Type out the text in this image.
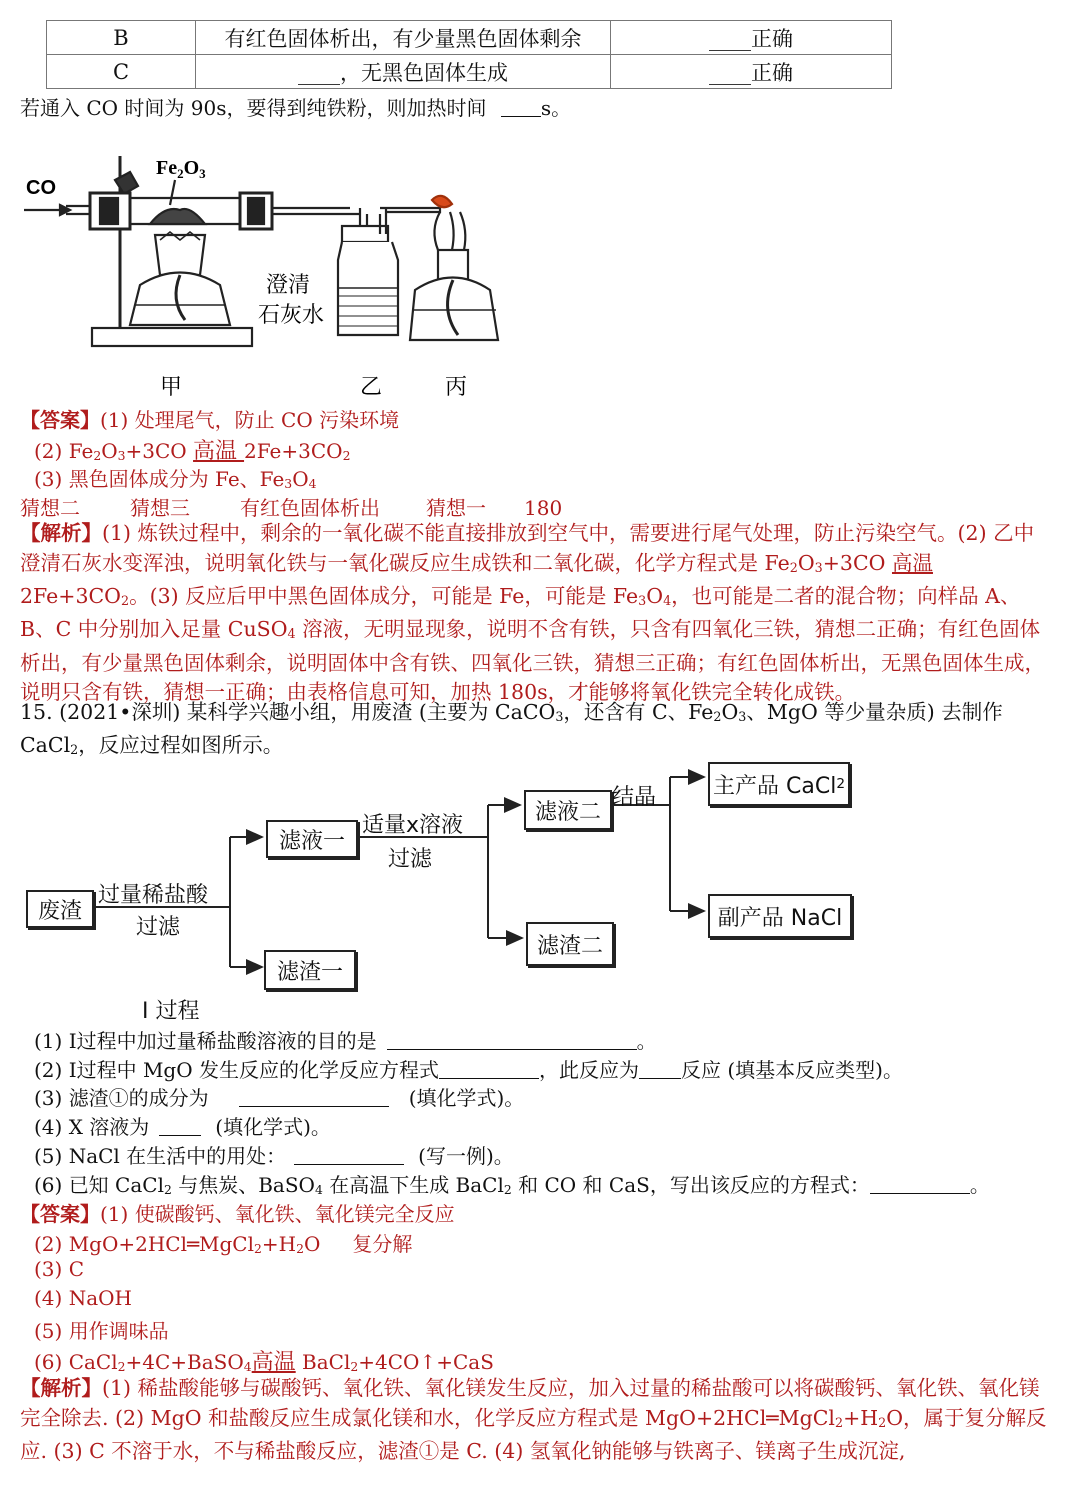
B	有红色固体析出，有少量黑色固体剩余	____正确
C	____，无黑色固体生成	____正确
若通入 CO 时间为 90s，要得到纯铁粉，则加热时间	s。
CO
$Fe_2O_3$
澄清
石灰水
甲	乙	丙
【答案】(1) 处理尾气，防止 CO 污染环境
(2) $Fe_2O_3+3CO$ 高温 $2Fe+3CO_2$
(3) 黑色固体成分为 Fe、$Fe_3O_4$
猜想二	猜想三	有红色固体析出 猜想一 180
【解析】(1) 炼铁过程中，剩余的一氧化碳不能直接排放到空气中，需要进行尾气处理，防止污染空气。(2) 乙中澄清石灰水变浑浊，说明氧化铁与一氧化碳反应生成铁和二氧化碳，化学方程式是 $Fe_2O_3+3CO$ 高温$2Fe+3CO_2$。(3) 反应后甲中黑色固体成分，可能是 Fe，可能是 $Fe_3O_4$，也可能是二者的混合物；向样品 A、B、C 中分别加入足量 CuSO$_4$ 溶液，无明显现象，说明不含有铁，只含有四氧化三铁，猜想二正确；有红色固体析出，有少量黑色固体剩余，说明固体中含有铁、四氧化三铁，猜想三正确；有红色固体析出，无黑色固体生成，说明只含有铁，猜想一正确；由表格信息可知，加热 180s，才能够将氧化铁完全转化成铁。
15. (2021•深圳) 某科学兴趣小组，用废渣 (主要为 CaCO$_3$，还含有 C、$Fe_2O_3$、MgO 等少量杂质) 去制作 CaCl$_2$，反应过程如图所示。
废渣
过量稀盐酸
过滤
滤液一
滤渣一
适量x溶液
过滤
滤液二
滤渣二
结晶	主产品 CaCl 2
副产品 NaCl
I 过程
(1) I过程中加过量稀盐酸溶液的目的是	。
(2) I过程中 MgO 发生反应的化学反应方程式	，此反应为 反应 (填基本反应类型)。
(3) 滤渣①的成分为	(填化学式)。
(4) X 溶液为	(填化学式)。
(5) NaCl 在生活中的用处：	(写一例)。
(6) 已知 CaCl$_2$ 与焦炭、BaSO$_4$ 在高温下生成 BaCl$_2$ 和 CO 和 CaS，写出该反应的方程式：	。
【答案】(1) 使碳酸钙、氧化铁、氧化镁完全反应
(2) $MgO+2HCl═MgCl_2+H_2O$ 复分解
(3) C
(4) NaOH
(5) 用作调味品
(6) CaCl$_2$+4C+BaSO$_4$高温 BaCl$_2$+4CO↑+CaS
【解析】(1) 稀盐酸能够与碳酸钙、氧化铁、氧化镁发生反应，加入过量的稀盐酸可以将碳酸钙、氧化铁、氧化镁完全除去. (2) MgO 和盐酸反应生成氯化镁和水，化学反应方程式是 $MgO+2HCl═MgCl_2+H_2O$，属于复分解反应. (3) C 不溶于水，不与稀盐酸反应，滤渣①是 C. (4) 氢氧化钠能够与铁离子、镁离子生成沉淀,
